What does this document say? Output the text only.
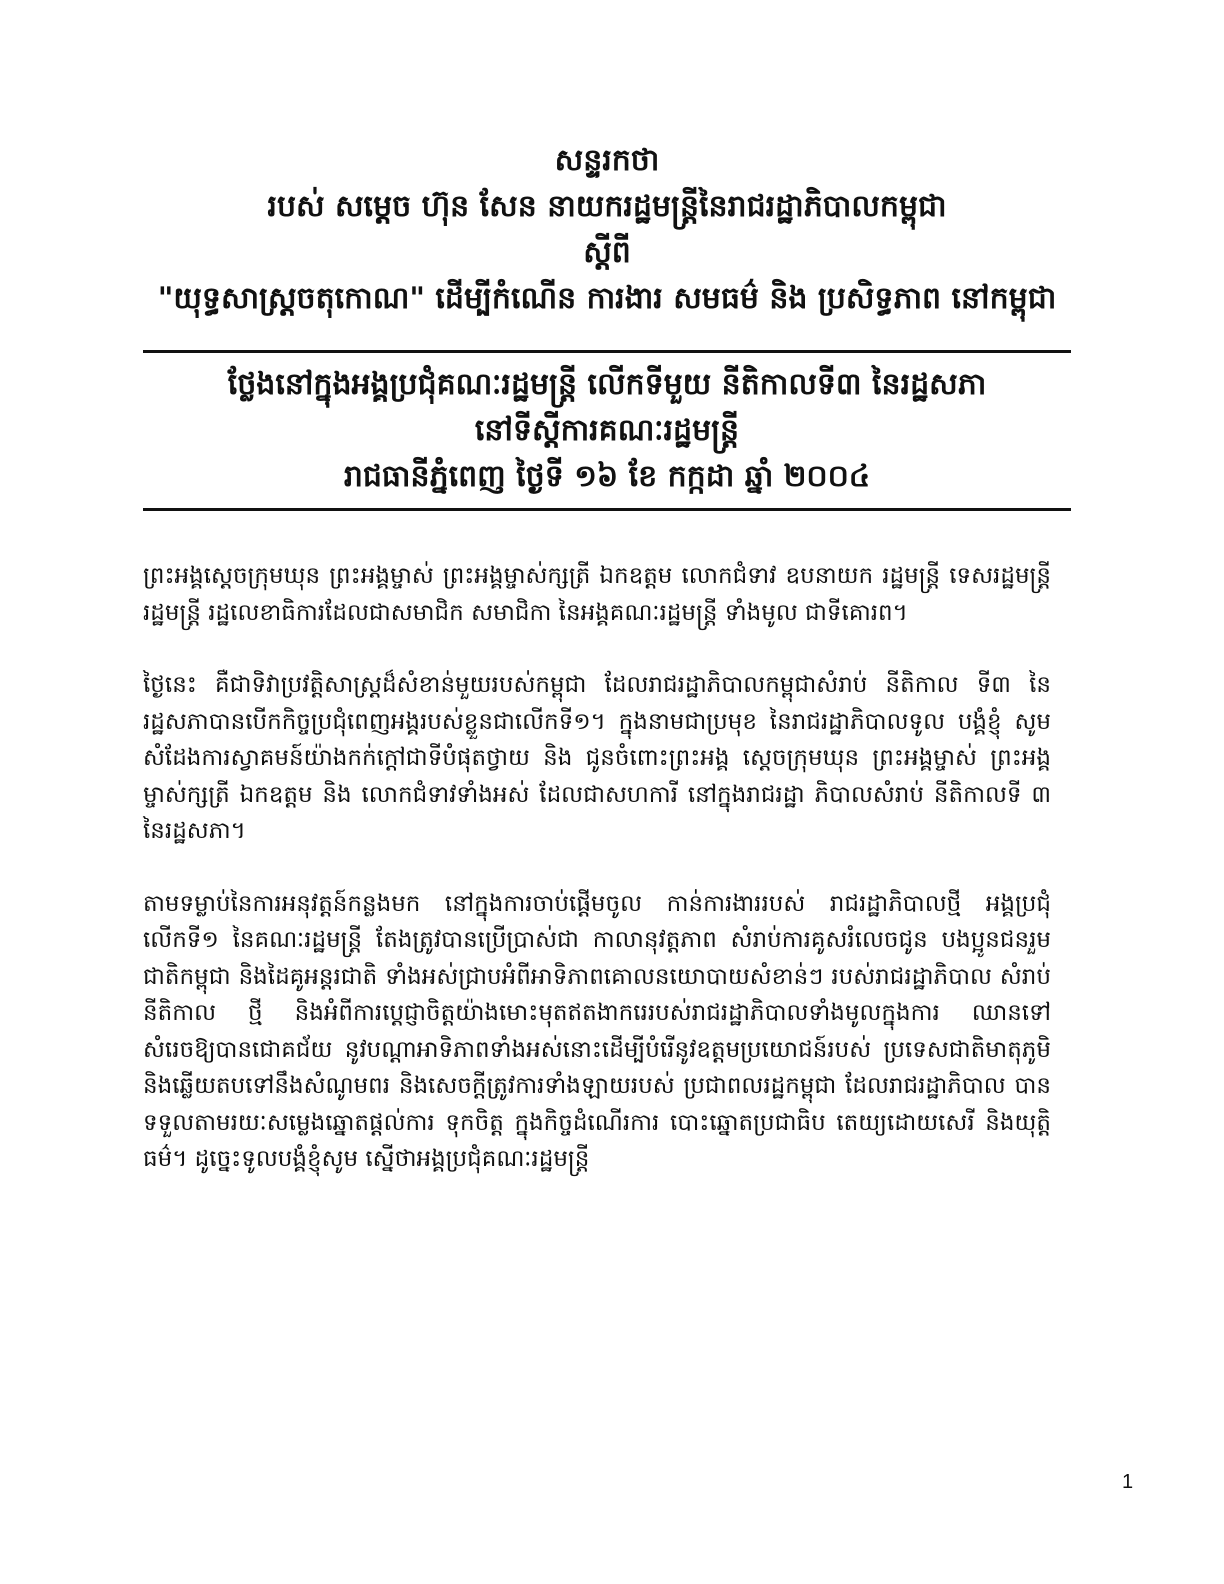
សន្ទរកថា
របស់ សម្ដេច ហ៊ុន សែន នាយករដ្ឋមន្ត្រីនៃរាជរដ្ឋាភិបាលកម្ពុជា
ស្ដីពី
"យុទ្ធសាស្ត្រចតុកោណ" ដើម្បីកំណើន ការងារ សមធម៌ និង ប្រសិទ្ធភាព នៅកម្ពុជា
ថ្លែងនៅក្នុងអង្គប្រជុំគណៈរដ្ឋមន្ត្រី លើកទីមួយ នីតិកាលទី៣ នៃរដ្ឋសភា
នៅទីស្ដីការគណៈរដ្ឋមន្ត្រី
រាជធានីភ្នំពេញ ថ្ងៃទី ១៦ ខែ កក្កដា ឆ្នាំ ២០០៤

ព្រះអង្គស្ដេចក្រុមឃុន ព្រះអង្គម្ចាស់ ព្រះអង្គម្ចាស់ក្សត្រី ឯកឧត្ដម លោកជំទាវ ឧបនាយក រដ្ឋមន្ត្រី ទេសរដ្ឋមន្ត្រី រដ្ឋមន្ត្រី រដ្ឋលេខាធិការដែលជាសមាជិក សមាជិកា នៃអង្គគណៈរដ្ឋមន្ត្រី ទាំងមូល ជាទីគោរព។

ថ្ងៃនេះ គឺជាទិវាប្រវត្តិសាស្ត្រដ៏សំខាន់មួយរបស់កម្ពុជា ដែលរាជរដ្ឋាភិបាលកម្ពុជាសំរាប់ នីតិកាល ទី៣ នៃ រដ្ឋសភាបានបើកកិច្ចប្រជុំពេញអង្គរបស់ខ្លួនជាលើកទី១។ ក្នុងនាមជាប្រមុខ នៃរាជរដ្ឋាភិបាលទូល បង្គំខ្ញុំ សូមសំដែងការស្វាគមន៍យ៉ាងកក់ក្ដៅជាទីបំផុតថ្វាយ និង ជូនចំពោះព្រះអង្គ ស្ដេចក្រុមឃុន ព្រះអង្គម្ចាស់ ព្រះអង្គម្ចាស់ក្សត្រី ឯកឧត្ដម និង លោកជំទាវទាំងអស់ ដែលជាសហការី នៅក្នុងរាជរដ្ឋា ភិបាលសំរាប់ នីតិកាលទី ៣ នៃរដ្ឋសភា។

តាមទម្លាប់នៃការអនុវត្តន៍កន្លងមក នៅក្នុងការចាប់ផ្ដើមចូល កាន់ការងាររបស់ រាជរដ្ឋាភិបាលថ្មី អង្គប្រជុំ លើកទី១ នៃគណៈរដ្ឋមន្ត្រី តែងត្រូវបានប្រើប្រាស់ជា កាលានុវត្តភាព សំរាប់ការគូសរំលេចជូន បងប្អូនជនរួម ជាតិកម្ពុជា និងដៃគូអន្តរជាតិ ទាំងអស់ជ្រាបអំពីអាទិភាពគោលនយោបាយសំខាន់ៗ របស់រាជរដ្ឋាភិបាល សំរាប់នីតិកាល ថ្មី និងអំពីការប្ដេជ្ញាចិត្តយ៉ាងមោះមុតឥតងាករេរបស់រាជរដ្ឋាភិបាលទាំងមូលក្នុងការ ឈានទៅ សំរេចឱ្យបានជោគជ័យ នូវបណ្ដាអាទិភាពទាំងអស់នោះដើម្បីបំរើនូវឧត្ដមប្រយោជន៍របស់ ប្រទេសជាតិមាតុភូមិ និងឆ្លើយតបទៅនឹងសំណូមពរ និងសេចក្ដីត្រូវការទាំងឡាយរបស់ ប្រជាពលរដ្ឋកម្ពុជា ដែលរាជរដ្ឋាភិបាល បានទទួលតាមរយៈសម្លេងឆ្នោតផ្ដល់ការ ទុកចិត្ត ក្នុងកិច្ចដំណើរការ បោះឆ្នោតប្រជាធិប តេយ្យដោយសេរី និងយុត្តិធម៌។ ដូច្នេះទូលបង្គំខ្ញុំសូម ស្នើថាអង្គប្រជុំគណៈរដ្ឋមន្ត្រី

1
